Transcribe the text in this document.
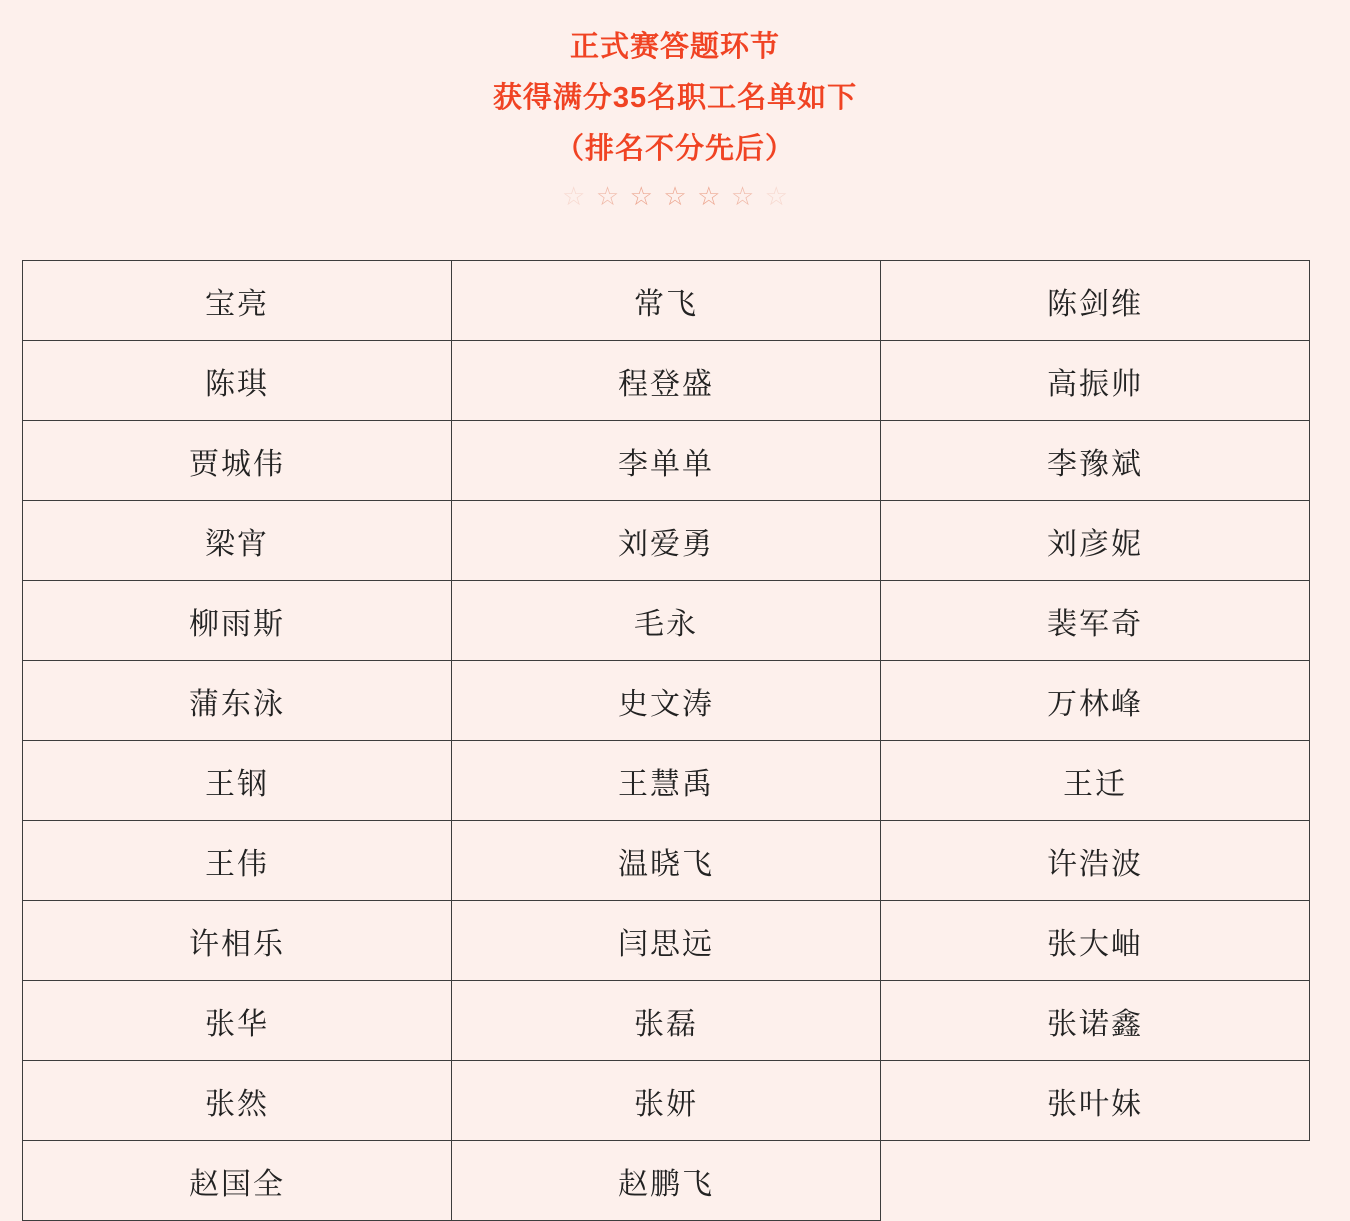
正式赛答题环节
获得满分35名职工名单如下
（排名不分先后）
☆ ☆ ☆ ☆ ☆ ☆ ☆
宝亮	常飞	陈剑维
陈琪	程登盛	高振帅
贾城伟	李单单	李豫斌
梁宵	刘爱勇	刘彦妮
柳雨斯	毛永	裴军奇
蒲东泳	史文涛	万林峰
王钢	王慧禹	王迁
王伟	温晓飞	许浩波
许相乐	闫思远	张大岫
张华	张磊	张诺鑫
张然	张妍	张叶妹
赵国全	赵鹏飞	
